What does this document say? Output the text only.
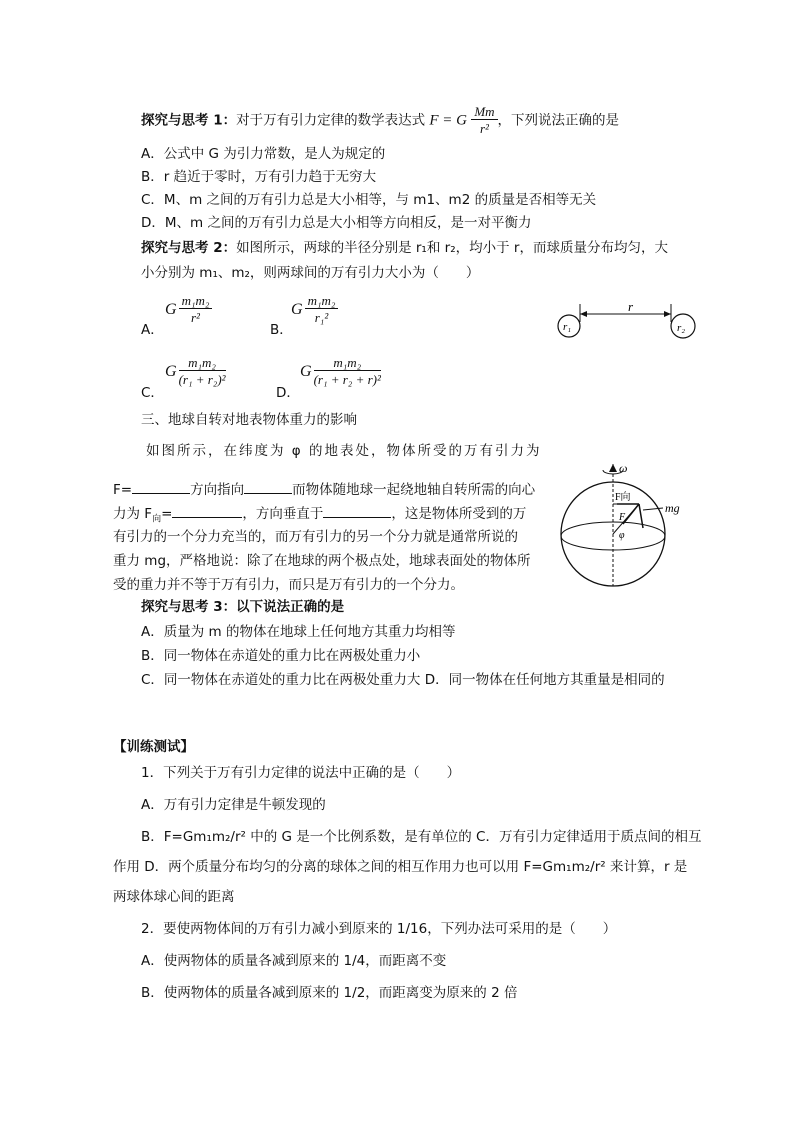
探究与思考 1：对于万有引力定律的数学表达式 F = G $\frac{Mm}{\text{r²}}$ ，下列说法正确的是
A．公式中 G 为引力常数，是人为规定的
B．r 趋近于零时，万有引力趋于无穷大
C．M、m 之间的万有引力总是大小相等，与 m1、m2 的质量是否相等无关
D．M、m 之间的万有引力总是大小相等方向相反，是一对平衡力
探究与思考 2：如图所示，两球的半径分别是 r₁和 r₂，均小于 r，而球质量分布均匀，大
小分别为 m₁、m₂，则两球间的万有引力大小为（　　）
A．
G $\frac{\text{m₁m₂}}{\text{r²}}$
B．
G $\frac{\text{m₁m₂}}{\text{r₁²}}$
C．
G $\frac{\text{m₁m₂}}{\text{(r₁ + r₂)²}}$
D．
G $\frac{\text{m₁m₂}}{\text{(r₁ + r₂ + r)²}}$
r₁	r₂
r
三、地球自转对地表物体重力的影响
如图所示，在纬度为 φ 的地表处，物体所受的万有引力为
F=	方向指向	而物体随地球一起绕地轴自转所需的向心
力为 $F_向=$	，方向垂直于	，这是物体所受到的万
有引力的一个分力充当的，而万有引力的另一个分力就是通常所说的
重力 mg，严格地说：除了在地球的两个极点处，地球表面处的物体所
受的重力并不等于万有引力，而只是万有引力的一个分力。
ω
F向
F
mg
φ
探究与思考 3：以下说法正确的是
A．质量为 m 的物体在地球上任何地方其重力均相等
B．同一物体在赤道处的重力比在两极处重力小
C．同一物体在赤道处的重力比在两极处重力大 D．同一物体在任何地方其重量是相同的
【训练测试】
1．下列关于万有引力定律的说法中正确的是（　　）
A．万有引力定律是牛顿发现的
B．F=Gm₁m₂/r² 中的 G 是一个比例系数，是有单位的 C．万有引力定律适用于质点间的相互
作用 D．两个质量分布均匀的分离的球体之间的相互作用力也可以用 F=Gm₁m₂/r² 来计算，r 是
两球体球心间的距离
2．要使两物体间的万有引力减小到原来的 1/16，下列办法可采用的是（　　）
A．使两物体的质量各减到原来的 1/4，而距离不变
B．使两物体的质量各减到原来的 1/2，而距离变为原来的 2 倍
